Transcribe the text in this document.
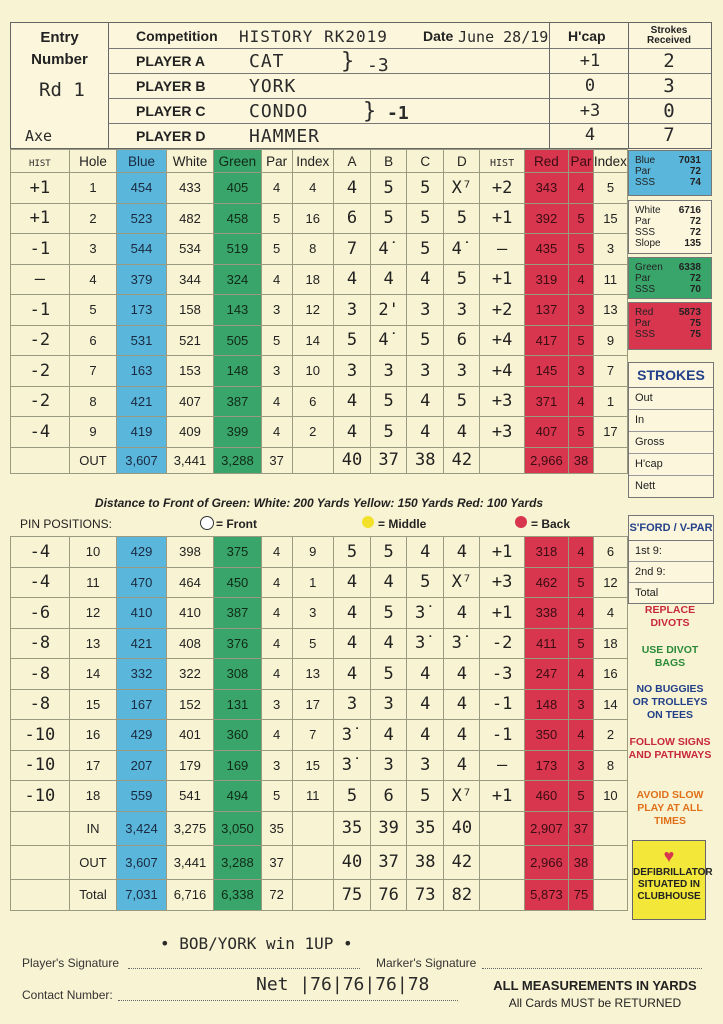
Entry
Number
Rd 1
Axe
Competition HISTORY RK2019	Date June 28/19 H'cap	Strokes Received
PLAYER A CAT	+1	2
PLAYER B YORK	0	3
PLAYER C CONDO	+3	0
PLAYER D HAMMER	4	7
} -3
} -1
HIST	Hole	Blue	White	Green	Par	Index	A	B	C	D	HIST	Red	Par	Index
+1	1	454	433	405	4	4	4	5	5	X⁷	+2	343	4	5
+1	2	523	482	458	5	16	6	5	5	5	+1	392	5	15
-1	3	544	534	519	5	8	7	4˙	5	4˙	—	435	5	3
—	4	379	344	324	4	18	4	4	4	5	+1	319	4	11
-1	5	173	158	143	3	12	3	2'	3	3	+2	137	3	13
-2	6	531	521	505	5	14	5	4˙	5	6	+4	417	5	9
-2	7	163	153	148	3	10	3	3	3	3	+4	145	3	7
-2	8	421	407	387	4	6	4	5	4	5	+3	371	4	1
-4	9	419	409	399	4	2	4	5	4	4	+3	407	5	17
	OUT	3,607	3,441	3,288	37		40	37	38	42		2,966	38	
Distance to Front of Green: White: 200 Yards Yellow: 150 Yards Red: 100 Yards
PIN POSITIONS:	= Front	= Middle	= Back
-4	10	429	398	375	4	9	5	5	4	4	+1	318	4	6
-4	11	470	464	450	4	1	4	4	5	X⁷	+3	462	5	12
-6	12	410	410	387	4	3	4	5	3˙	4	+1	338	4	4
-8	13	421	408	376	4	5	4	4	3˙	3˙	-2	411	5	18
-8	14	332	322	308	4	13	4	5	4	4	-3	247	4	16
-8	15	167	152	131	3	17	3	3	4	4	-1	148	3	14
-10	16	429	401	360	4	7	3˙	4	4	4	-1	350	4	2
-10	17	207	179	169	3	15	3˙	3	3	4	—	173	3	8
-10	18	559	541	494	5	11	5	6	5	X⁷	+1	460	5	10
	IN	3,424	3,275	3,050	35		35	39	35	40		2,907	37	
	OUT	3,607	3,441	3,288	37		40	37	38	42		2,966	38	
	Total	7,031	6,716	6,338	72		75	76	73	82		5,873	75	
Blue 7031
Par	72
SSS	74
White 6716
Par	72
SSS	72
Slope 135
Green 6338
Par	72
SSS	70
Red	5873
Par	75
SSS	75
STROKES
Out
In
Gross
H'cap
Nett
S'FORD / V-PAR
1st 9:
2nd 9:
Total
REPLACE DIVOTS
USE DIVOT BAGS
NO BUGGIES OR TROLLEYS ON TEES
FOLLOW SIGNS AND PATHWAYS
AVOID SLOW PLAY AT ALL TIMES
♥
DEFIBRILLATOR SITUATED IN CLUBHOUSE
• BOB/YORK win 1UP •
Player's Signature	Marker's Signature
Contact Number:	Net |76|76|76|78	ALL MEASUREMENTS IN YARDS
All Cards MUST be RETURNED
